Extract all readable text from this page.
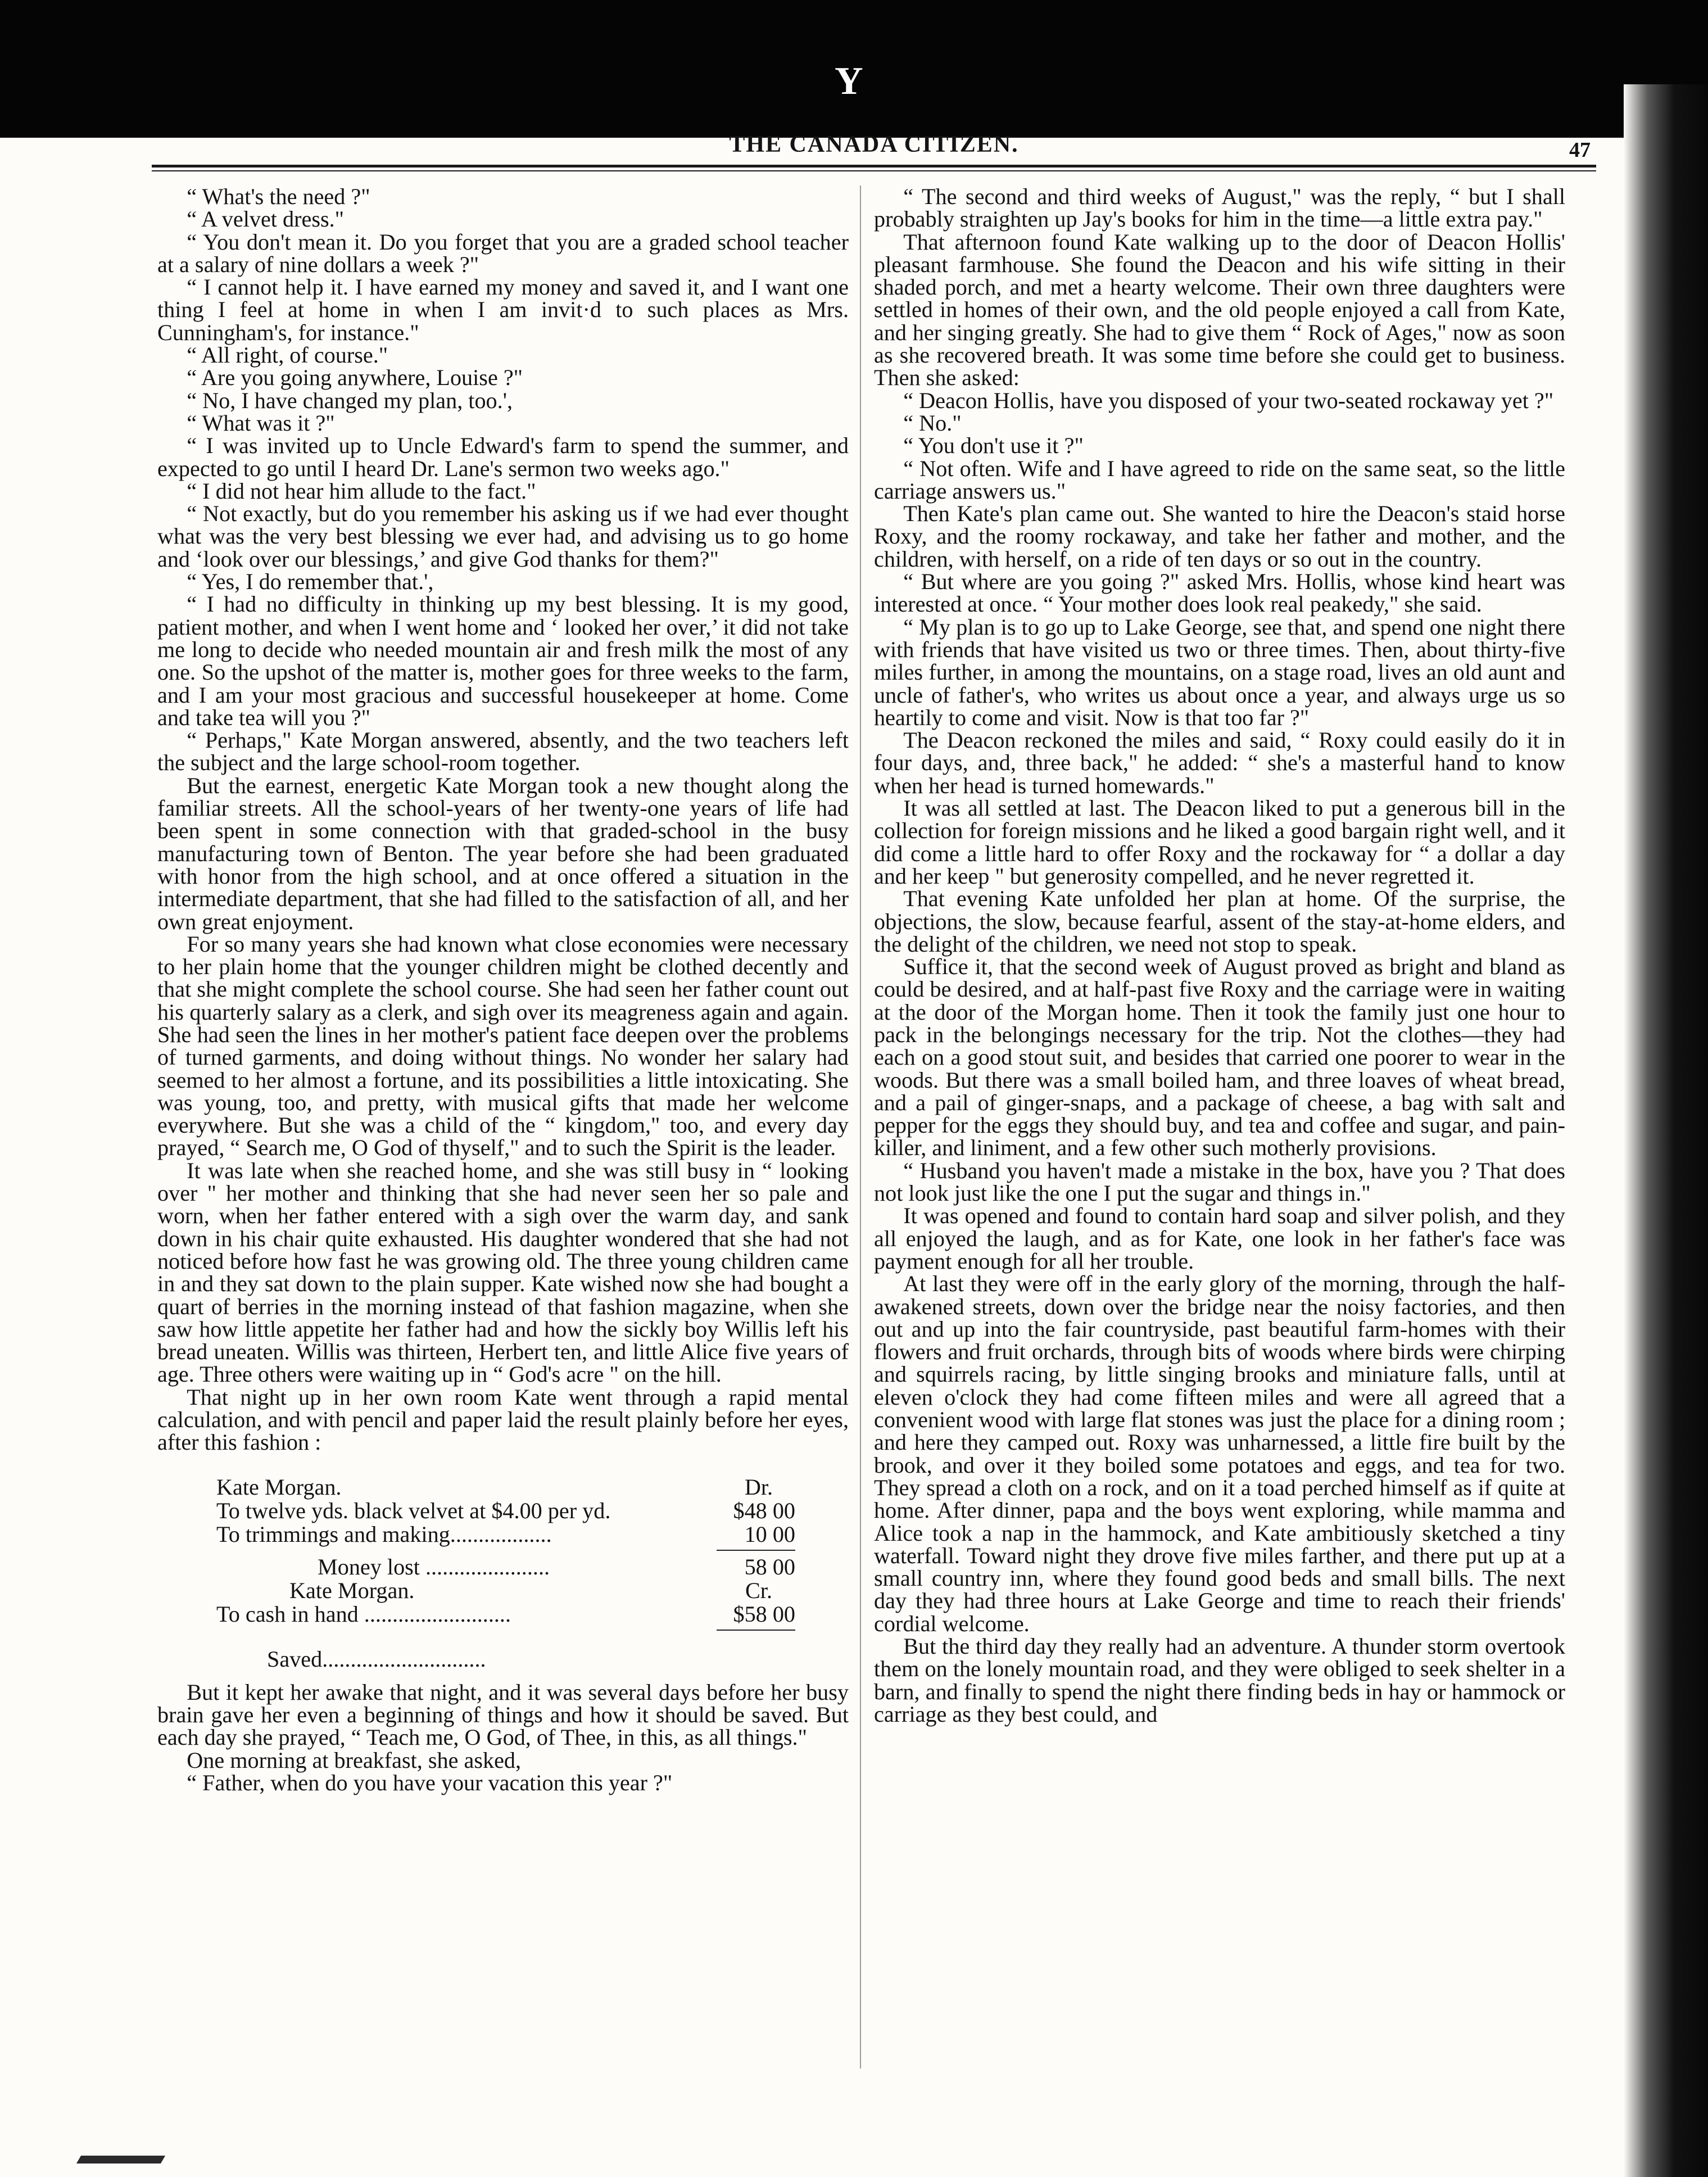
Y
THE CANADA CITIZEN.	47

“ What's the need ?"

“ A velvet dress."

“ You don't mean it. Do you forget that you are a graded school teacher at a salary of nine dollars a week ?"

“ I cannot help it. I have earned my money and saved it, and I want one thing I feel at home in when I am invit·d to such places as Mrs. Cunningham's, for instance."

“ All right, of course."

“ Are you going anywhere, Louise ?"

“ No, I have changed my plan, too.',

“ What was it ?"

“ I was invited up to Uncle Edward's farm to spend the summer, and expected to go until I heard Dr. Lane's sermon two weeks ago."

“ I did not hear him allude to the fact."

“ Not exactly, but do you remember his asking us if we had ever thought what was the very best blessing we ever had, and advising us to go home and ‘look over our blessings,’ and give God thanks for them?"

“ Yes, I do remember that.',

“ I had no difficulty in thinking up my best blessing. It is my good, patient mother, and when I went home and ‘ looked her over,’ it did not take me long to decide who needed mountain air and fresh milk the most of any one. So the upshot of the matter is, mother goes for three weeks to the farm, and I am your most gracious and successful housekeeper at home. Come and take tea will you ?"

“ Perhaps," Kate Morgan answered, absently, and the two teachers left the subject and the large school-room together.

But the earnest, energetic Kate Morgan took a new thought along the familiar streets. All the school-years of her twenty-one years of life had been spent in some connection with that graded-school in the busy manufacturing town of Benton. The year before she had been graduated with honor from the high school, and at once offered a situation in the intermediate department, that she had filled to the satisfaction of all, and her own great enjoyment.

For so many years she had known what close economies were necessary to her plain home that the younger children might be clothed decently and that she might complete the school course. She had seen her father count out his quarterly salary as a clerk, and sigh over its meagreness again and again. She had seen the lines in her mother's patient face deepen over the problems of turned garments, and doing without things. No wonder her salary had seemed to her almost a fortune, and its possibilities a little intoxicating. She was young, too, and pretty, with musical gifts that made her welcome everywhere. But she was a child of the “ kingdom," too, and every day prayed, “ Search me, O God of thyself," and to such the Spirit is the leader.

It was late when she reached home, and she was still busy in “ looking over " her mother and thinking that she had never seen her so pale and worn, when her father entered with a sigh over the warm day, and sank down in his chair quite exhausted. His daughter wondered that she had not noticed before how fast he was growing old. The three young children came in and they sat down to the plain supper. Kate wished now she had bought a quart of berries in the morning instead of that fashion magazine, when she saw how little appetite her father had and how the sickly boy Willis left his bread uneaten. Willis was thirteen, Herbert ten, and little Alice five years of age. Three others were waiting up in “ God's acre " on the hill.

That night up in her own room Kate went through a rapid mental calculation, and with pencil and paper laid the result plainly before her eyes, after this fashion :

Kate Morgan.	Dr.
To twelve yds. black velvet at $4.00 per yd.	$48 00
To trimmings and making..................	10 00
Money lost ......................	58 00
Kate Morgan.	Cr.
To cash in hand ..........................	$58 00
Saved.............................

But it kept her awake that night, and it was several days before her busy brain gave her even a beginning of things and how it should be saved. But each day she prayed, “ Teach me, O God, of Thee, in this, as all things."

One morning at breakfast, she asked,

“ Father, when do you have your vacation this year ?"

“ The second and third weeks of August," was the reply, “ but I shall probably straighten up Jay's books for him in the time—a little extra pay."

That afternoon found Kate walking up to the door of Deacon Hollis' pleasant farmhouse. She found the Deacon and his wife sitting in their shaded porch, and met a hearty welcome. Their own three daughters were settled in homes of their own, and the old people enjoyed a call from Kate, and her singing greatly. She had to give them “ Rock of Ages," now as soon as she recovered breath. It was some time before she could get to business. Then she asked:

“ Deacon Hollis, have you disposed of your two-seated rockaway yet ?"

“ No."

“ You don't use it ?"

“ Not often. Wife and I have agreed to ride on the same seat, so the little carriage answers us."

Then Kate's plan came out. She wanted to hire the Deacon's staid horse Roxy, and the roomy rockaway, and take her father and mother, and the children, with herself, on a ride of ten days or so out in the country.

“ But where are you going ?" asked Mrs. Hollis, whose kind heart was interested at once. “ Your mother does look real peakedy," she said.

“ My plan is to go up to Lake George, see that, and spend one night there with friends that have visited us two or three times. Then, about thirty-five miles further, in among the mountains, on a stage road, lives an old aunt and uncle of father's, who writes us about once a year, and always urge us so heartily to come and visit. Now is that too far ?"

The Deacon reckoned the miles and said, “ Roxy could easily do it in four days, and, three back," he added: “ she's a masterful hand to know when her head is turned homewards."

It was all settled at last. The Deacon liked to put a generous bill in the collection for foreign missions and he liked a good bargain right well, and it did come a little hard to offer Roxy and the rockaway for “ a dollar a day and her keep " but generosity compelled, and he never regretted it.

That evening Kate unfolded her plan at home. Of the surprise, the objections, the slow, because fearful, assent of the stay-at-home elders, and the delight of the children, we need not stop to speak.

Suffice it, that the second week of August proved as bright and bland as could be desired, and at half-past five Roxy and the carriage were in waiting at the door of the Morgan home. Then it took the family just one hour to pack in the belongings necessary for the trip. Not the clothes—they had each on a good stout suit, and besides that carried one poorer to wear in the woods. But there was a small boiled ham, and three loaves of wheat bread, and a pail of ginger-snaps, and a package of cheese, a bag with salt and pepper for the eggs they should buy, and tea and coffee and sugar, and pain-killer, and liniment, and a few other such motherly provisions.

“ Husband you haven't made a mistake in the box, have you ? That does not look just like the one I put the sugar and things in."

It was opened and found to contain hard soap and silver polish, and they all enjoyed the laugh, and as for Kate, one look in her father's face was payment enough for all her trouble.

At last they were off in the early glory of the morning, through the half-awakened streets, down over the bridge near the noisy factories, and then out and up into the fair countryside, past beautiful farm-homes with their flowers and fruit orchards, through bits of woods where birds were chirping and squirrels racing, by little singing brooks and miniature falls, until at eleven o'clock they had come fifteen miles and were all agreed that a convenient wood with large flat stones was just the place for a dining room ; and here they camped out. Roxy was unharnessed, a little fire built by the brook, and over it they boiled some potatoes and eggs, and tea for two. They spread a cloth on a rock, and on it a toad perched himself as if quite at home. After dinner, papa and the boys went exploring, while mamma and Alice took a nap in the hammock, and Kate ambitiously sketched a tiny waterfall. Toward night they drove five miles farther, and there put up at a small country inn, where they found good beds and small bills. The next day they had three hours at Lake George and time to reach their friends' cordial welcome.

But the third day they really had an adventure. A thunder storm overtook them on the lonely mountain road, and they were obliged to seek shelter in a barn, and finally to spend the night there finding beds in hay or hammock or carriage as they best could, and
